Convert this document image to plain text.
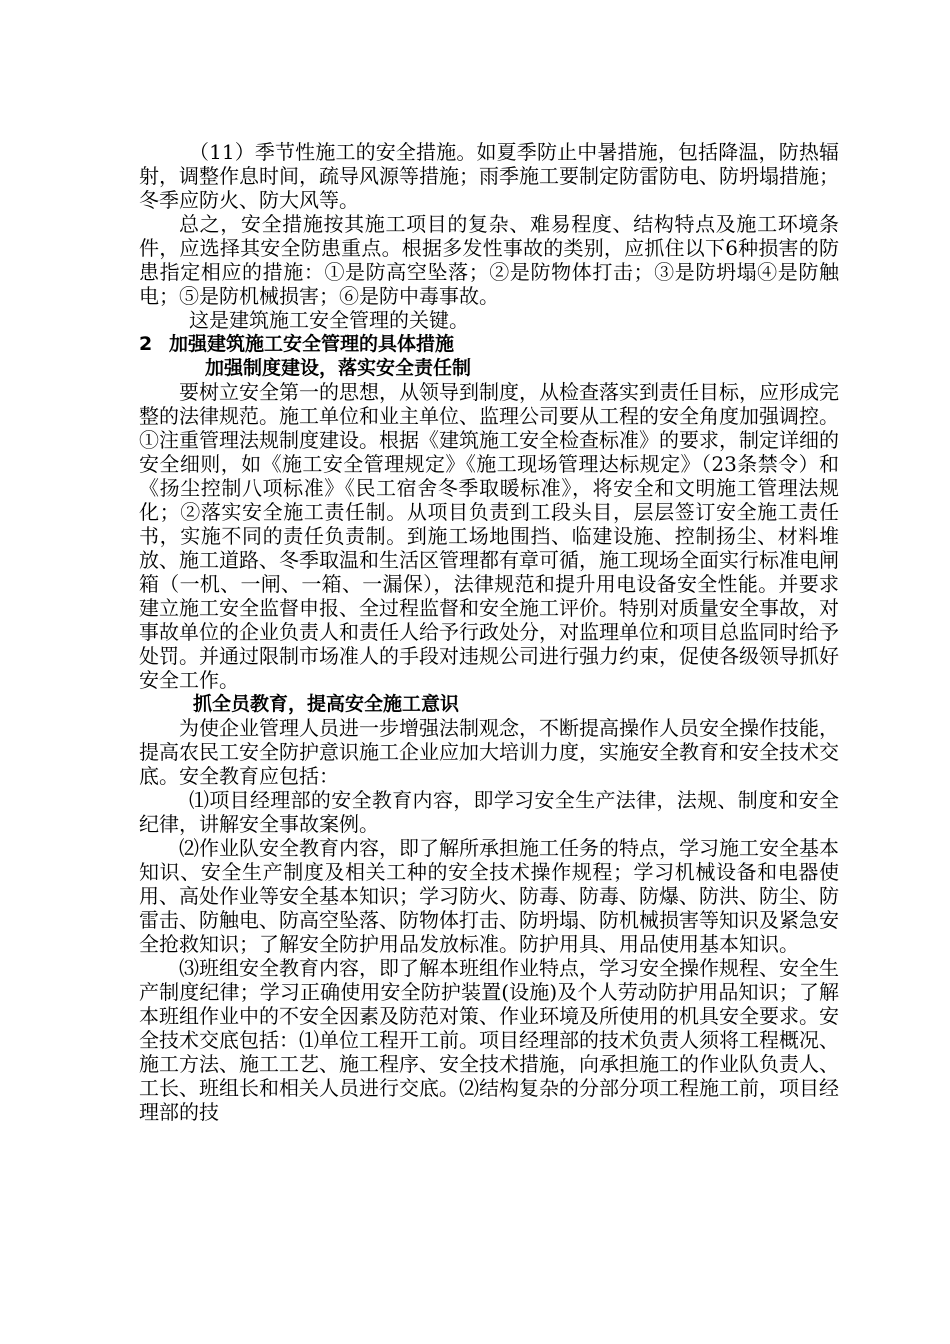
（11）季节性施工的安全措施。如夏季防止中暑措施，包括降温，防热辐射，调整作息时间，疏导风源等措施；雨季施工要制定防雷防电、防坍塌措施；冬季应防火、防大风等。

总之，安全措施按其施工项目的复杂、难易程度、结构特点及施工环境条件，应选择其安全防患重点。根据多发性事故的类别，应抓住以下6种损害的防患指定相应的措施：①是防高空坠落；②是防物体打击；③是防坍塌④是防触电；⑤是防机械损害；⑥是防中毒事故。

这是建筑施工安全管理的关键。

2 加强建筑施工安全管理的具体措施

加强制度建设，落实安全责任制

要树立安全第一的思想，从领导到制度，从检查落实到责任目标，应形成完整的法律规范。施工单位和业主单位、监理公司要从工程的安全角度加强调控。①注重管理法规制度建设。根据《建筑施工安全检查标准》的要求，制定详细的安全细则，如《施工安全管理规定》《施工现场管理达标规定》（23条禁令）和《扬尘控制八项标准》《民工宿舍冬季取暖标准》，将安全和文明施工管理法规化；②落实安全施工责任制。从项目负责到工段头目，层层签订安全施工责任书，实施不同的责任负责制。到施工场地围挡、临建设施、控制扬尘、材料堆放、施工道路、冬季取温和生活区管理都有章可循，施工现场全面实行标准电闸箱（一机、一闸、一箱、一漏保），法律规范和提升用电设备安全性能。并要求建立施工安全监督申报、全过程监督和安全施工评价。特别对质量安全事故，对事故单位的企业负责人和责任人给予行政处分，对监理单位和项目总监同时给予处罚。并通过限制市场准人的手段对违规公司进行强力约束，促使各级领导抓好安全工作。

抓全员教育，提高安全施工意识

为使企业管理人员进一步增强法制观念，不断提高操作人员安全操作技能，提高农民工安全防护意识施工企业应加大培训力度，实施安全教育和安全技术交底。安全教育应包括：

⑴项目经理部的安全教育内容，即学习安全生产法律，法规、制度和安全纪律，讲解安全事故案例。

⑵作业队安全教育内容，即了解所承担施工任务的特点，学习施工安全基本知识、安全生产制度及相关工种的安全技术操作规程；学习机械设备和电器使用、高处作业等安全基本知识；学习防火、防毒、防毒、防爆、防洪、防尘、防雷击、防触电、防高空坠落、防物体打击、防坍塌、防机械损害等知识及紧急安全抢救知识；了解安全防护用品发放标准。防护用具、用品使用基本知识。

⑶班组安全教育内容，即了解本班组作业特点，学习安全操作规程、安全生产制度纪律；学习正确使用安全防护装置(设施)及个人劳动防护用品知识；了解本班组作业中的不安全因素及防范对策、作业环境及所使用的机具安全要求。安全技术交底包括：⑴单位工程开工前。项目经理部的技术负责人须将工程概况、施工方法、施工工艺、施工程序、安全技术措施，向承担施工的作业队负责人、工长、班组长和相关人员进行交底。⑵结构复杂的分部分项工程施工前，项目经理部的技
